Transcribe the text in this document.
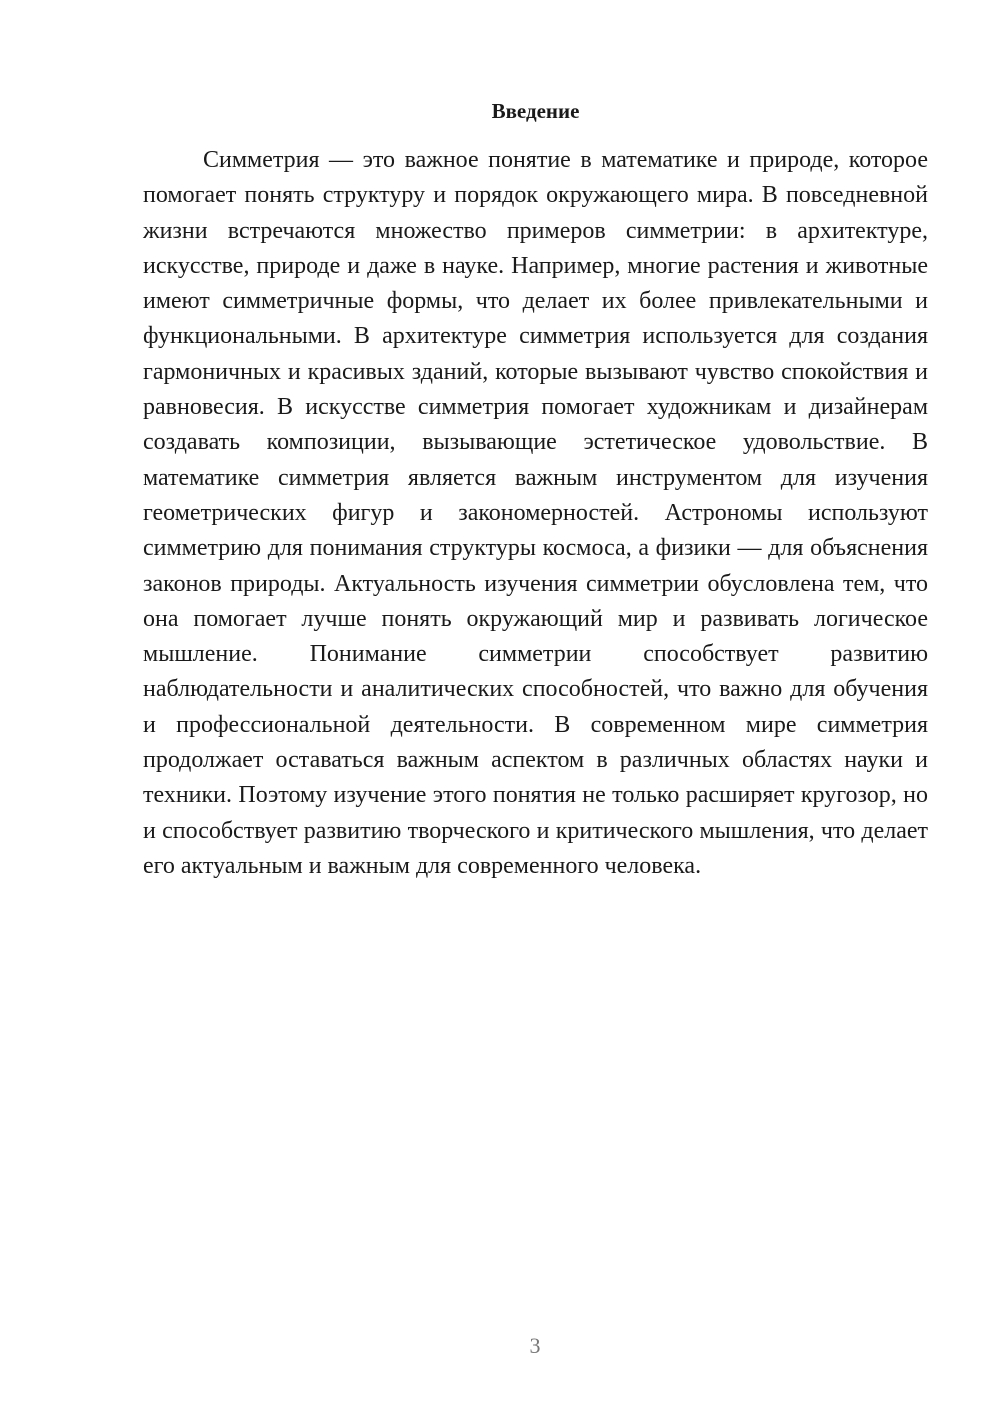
Введение

Симметрия — это важное понятие в математике и природе, которое помогает понять структуру и порядок окружающего мира. В повседневной жизни встречаются множество примеров симметрии: в архитектуре, искусстве, природе и даже в науке. Например, многие растения и животные имеют симметричные формы, что делает их более привлекательными и функциональными. В архитектуре симметрия используется для создания гармоничных и красивых зданий, которые вызывают чувство спокойствия и равновесия. В искусстве симметрия помогает художникам и дизайнерам создавать композиции, вызывающие эстетическое удовольствие. В математике симметрия является важным инструментом для изучения геометрических фигур и закономерностей. Астрономы используют симметрию для понимания структуры космоса, а физики — для объяснения законов природы. Актуальность изучения симметрии обусловлена тем, что она помогает лучше понять окружающий мир и развивать логическое мышление. Понимание симметрии способствует развитию наблюдательности и аналитических способностей, что важно для обучения и профессиональной деятельности. В современном мире симметрия продолжает оставаться важным аспектом в различных областях науки и техники. Поэтому изучение этого понятия не только расширяет кругозор, но и способствует развитию творческого и критического мышления, что делает его актуальным и важным для современного человека.

3
